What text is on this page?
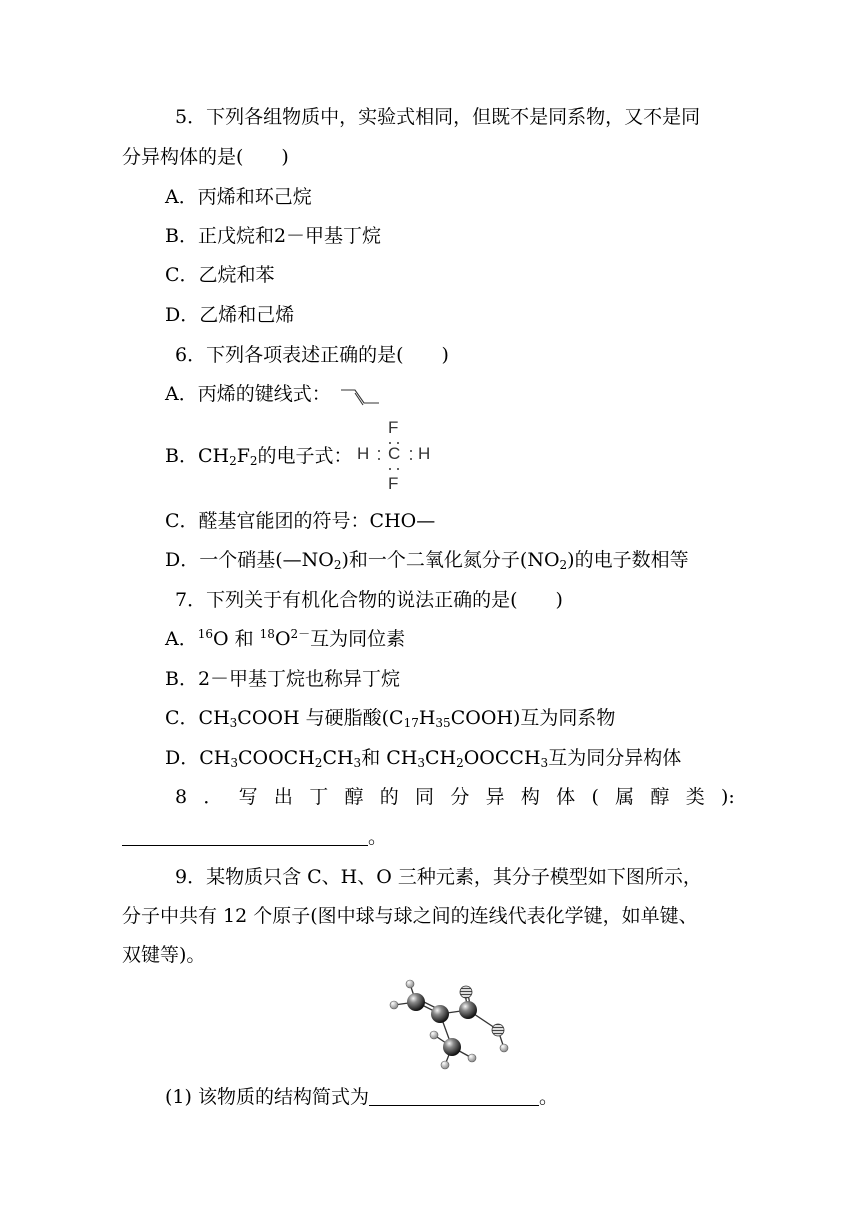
5．下列各组物质中，实验式相同，但既不是同系物，又不是同
分异构体的是(　　)
A．丙烯和环己烷
B．正戊烷和2－甲基丁烷
C．乙烷和苯
D．乙烯和己烯
6．下列各项表述正确的是(　　)
A．丙烯的键线式：
B．$CH_2F_2$的电子式：
F
H C H
F
C．醛基官能团的符号：CHO—
D．一个硝基$(—NO_2)$和一个二氧化氮分子$(NO_2)$的电子数相等
7．下列关于有机化合物的说法正确的是(　　)
A．$^{16}$O 和 $^{18}O^{2-}$互为同位素
B．2－甲基丁烷也称异丁烷
C．$CH_3COOH$ 与硬脂酸$(C_{17}H_{35}COOH)$互为同系物
D．$CH_3COOCH_2CH_3$和 $CH_3CH_2OOCCH_3$互为同分异构体
8 ． 写 出 丁 醇 的 同 分 异 构 体 ( 属 醇 类 ):
。
9．某物质只含 C、H、O 三种元素，其分子模型如下图所示，
分子中共有 12 个原子(图中球与球之间的连线代表化学键，如单键、
双键等)。
(1) 该物质的结构简式为	。
